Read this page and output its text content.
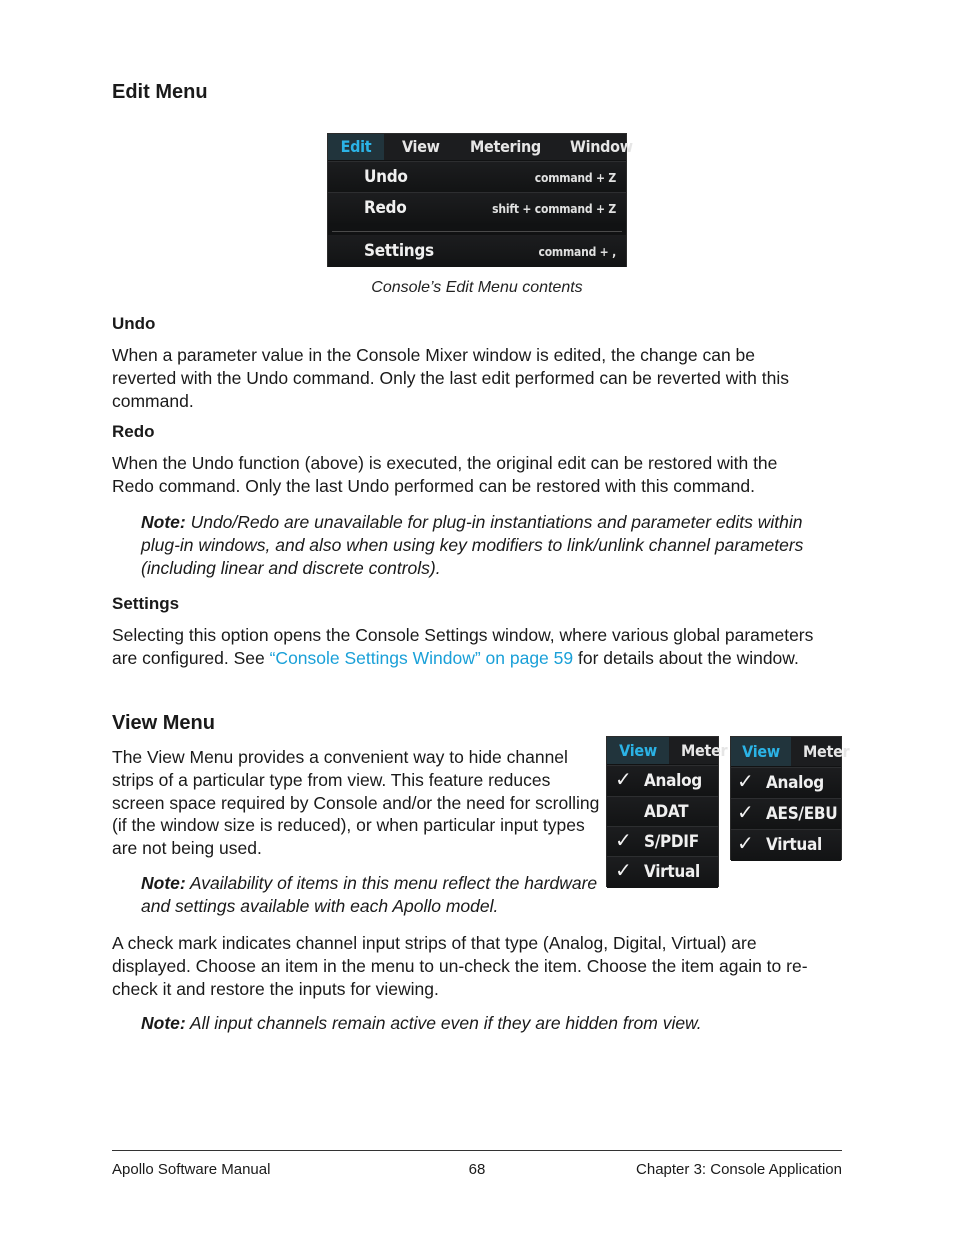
Edit Menu
Edit	View Metering Window
Undo	command + Z
Redo	shift + command + Z
Settings	command + ,
Console’s Edit Menu contents
Undo

When a parameter value in the Console Mixer window is edited, the change can be reverted with the Undo command. Only the last edit performed can be reverted with this command.

Redo

When the Undo function (above) is executed, the original edit can be restored with the Redo command. Only the last Undo performed can be restored with this command.

Note: Undo/Redo are unavailable for plug-in instantiations and parameter edits within plug-in windows, and also when using key modifiers to link/unlink channel parameters (including linear and discrete controls).

Settings

Selecting this option opens the Console Settings window, where various global parameters are configured. See “Console Settings Window” on page 59 for details about the window.

View Menu

The View Menu provides a convenient way to hide channel strips of a particular type from view. This feature reduces screen space required by Console and/or the need for scrolling (if the window size is reduced), or when particular input types are not being used.

Note: Availability of items in this menu reflect the hardware and settings available with each Apollo model.

View	Meter
✓ Analog
ADAT
✓ S/PDIF
✓ Virtual
View	Meter
✓ Analog
✓ AES/EBU
✓ Virtual

A check mark indicates channel input strips of that type (Analog, Digital, Virtual) are displayed. Choose an item in the menu to un-check the item. Choose the item again to re-check it and restore the inputs for viewing.

Note: All input channels remain active even if they are hidden from view.

Apollo Software Manual	68	Chapter 3: Console Application
